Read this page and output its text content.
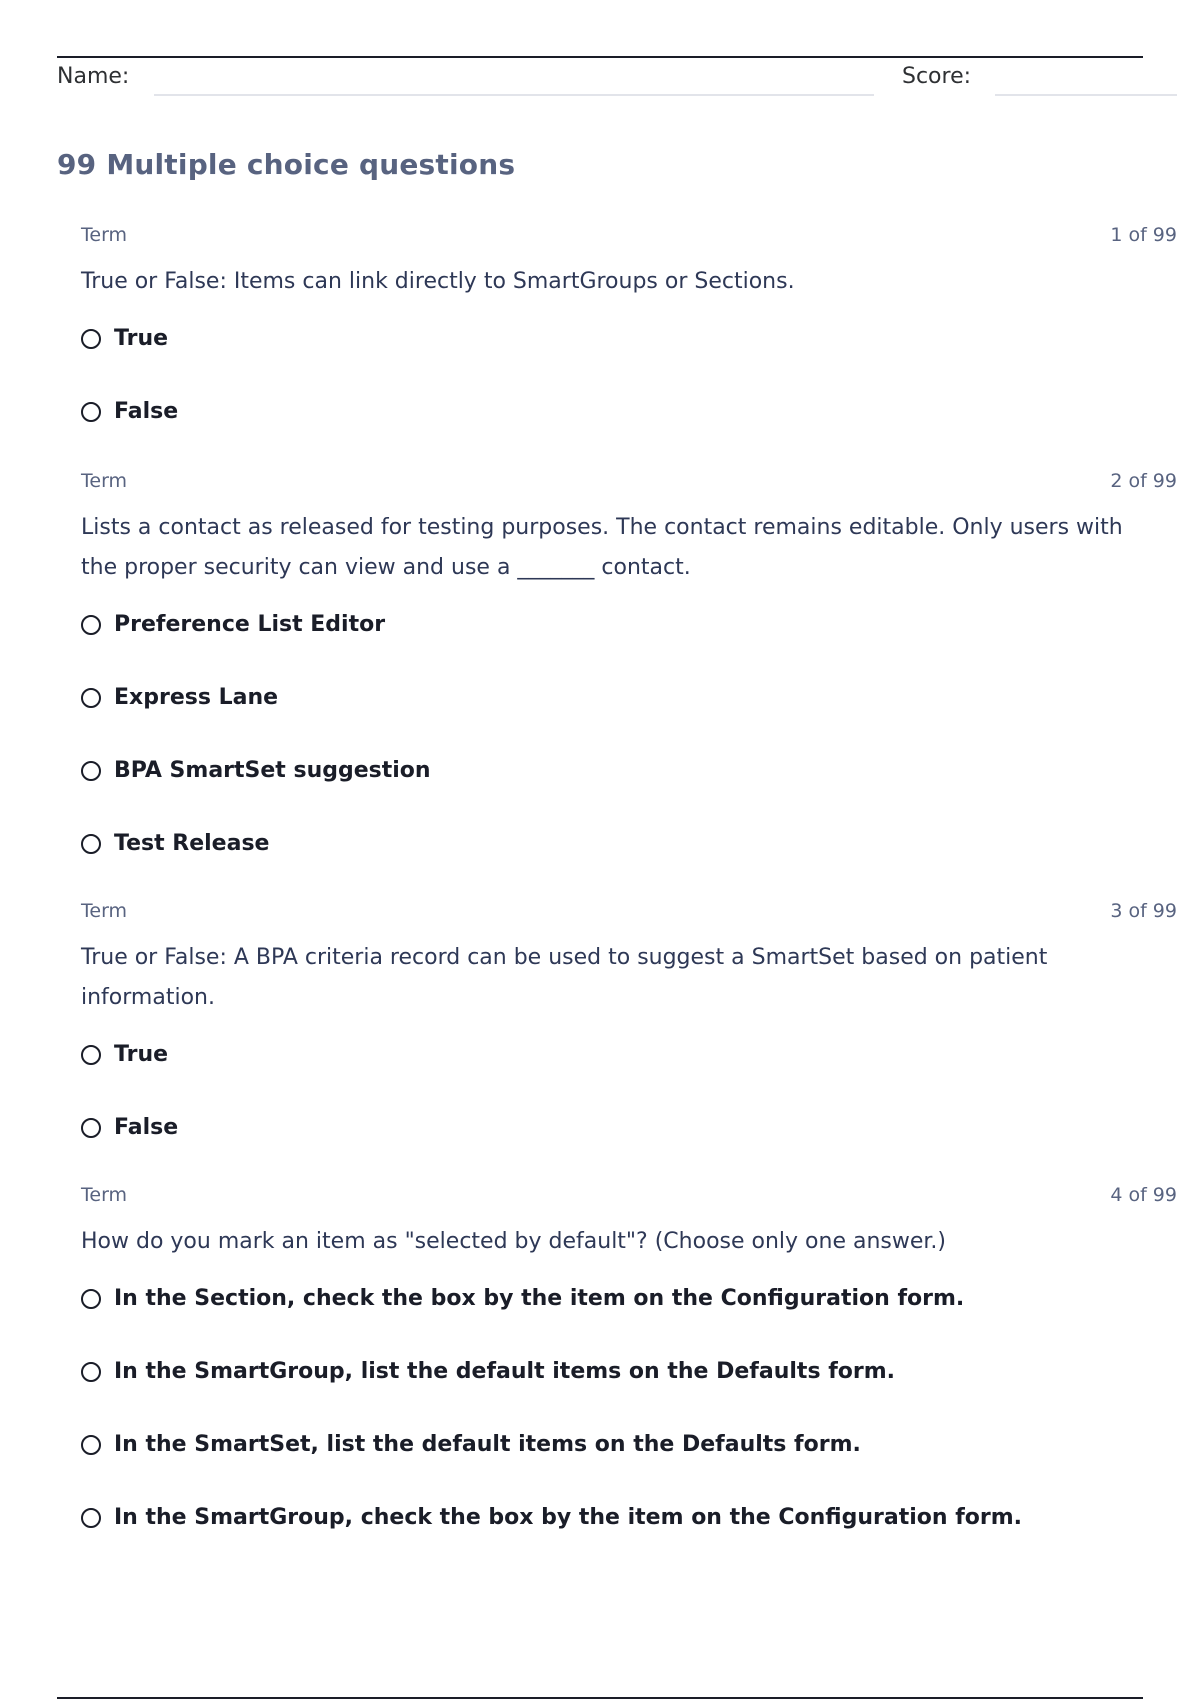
Name:	Score:
99 Multiple choice questions
Term	1 of 99

True or False: Items can link directly to SmartGroups or Sections.

True
False
Term	2 of 99

Lists a contact as released for testing purposes. The contact remains editable. Only users with the proper security can view and use a _______ contact.

Preference List Editor
Express Lane
BPA SmartSet suggestion
Test Release
Term	3 of 99

True or False: A BPA criteria record can be used to suggest a SmartSet based on patient information.

True
False
Term	4 of 99

How do you mark an item as "selected by default"? (Choose only one answer.)

In the Section, check the box by the item on the Configuration form.
In the SmartGroup, list the default items on the Defaults form.
In the SmartSet, list the default items on the Defaults form.
In the SmartGroup, check the box by the item on the Configuration form.
